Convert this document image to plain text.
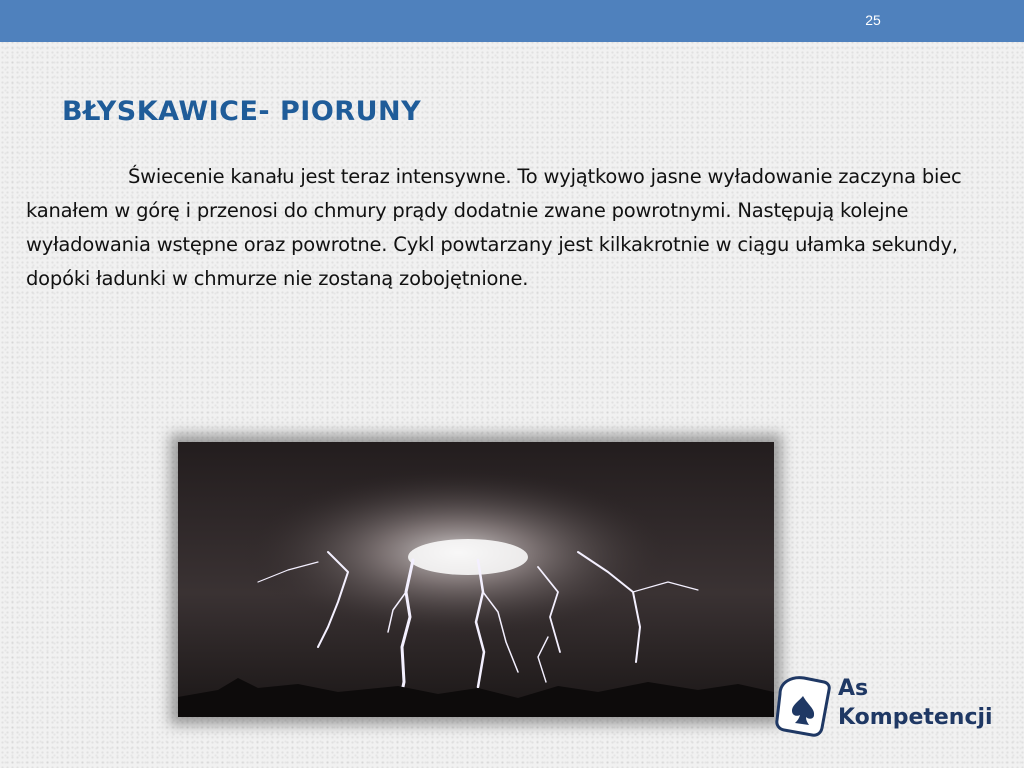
25
BŁYSKAWICE- PIORUNY

Świecenie kanału jest teraz intensywne. To wyjątkowo jasne wyładowanie zaczyna biec kanałem w górę i przenosi do chmury prądy dodatnie zwane powrotnymi. Następują kolejne wyładowania wstępne oraz powrotne. Cykl powtarzany jest kilkakrotnie w ciągu ułamka sekundy, dopóki ładunki w chmurze nie zostaną zobojętnione.

As
Kompetencji
